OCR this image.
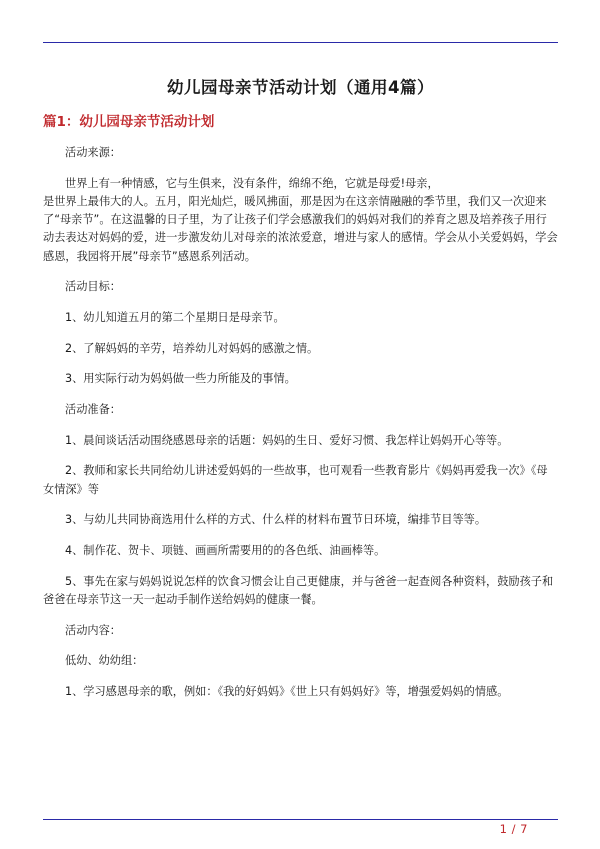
幼儿园母亲节活动计划（通用4篇）
篇1：幼儿园母亲节活动计划

活动来源：

世界上有一种情感，它与生俱来，没有条件，绵绵不绝，它就是母爱!母亲，

是世界上最伟大的人。五月，阳光灿烂，暖风拂面，那是因为在这亲情融融的季节里，我们又一次迎来了“母亲节”。在这温馨的日子里，为了让孩子们学会感激我们的妈妈对我们的养育之恩及培养孩子用行动去表达对妈妈的爱，进一步激发幼儿对母亲的浓浓爱意，增进与家人的感情。学会从小关爱妈妈，学会感恩，我园将开展”母亲节”感恩系列活动。

活动目标：

1、幼儿知道五月的第二个星期日是母亲节。

2、了解妈妈的辛劳，培养幼儿对妈妈的感激之情。

3、用实际行动为妈妈做一些力所能及的事情。

活动准备：

1、晨间谈话活动围绕感恩母亲的话题：妈妈的生日、爱好习惯、我怎样让妈妈开心等等。

2、教师和家长共同给幼儿讲述爱妈妈的一些故事，也可观看一些教育影片《妈妈再爱我一次》《母女情深》等

3、与幼儿共同协商选用什么样的方式、什么样的材料布置节日环境，编排节目等等。

4、制作花、贺卡、项链、画画所需要用的的各色纸、油画棒等。

5、事先在家与妈妈说说怎样的饮食习惯会让自己更健康，并与爸爸一起查阅各种资料，鼓励孩子和爸爸在母亲节这一天一起动手制作送给妈妈的健康一餐。

活动内容：

低幼、幼幼组：

1、学习感恩母亲的歌，例如：《我的好妈妈》《世上只有妈妈好》等，增强爱妈妈的情感。

1 / 7
